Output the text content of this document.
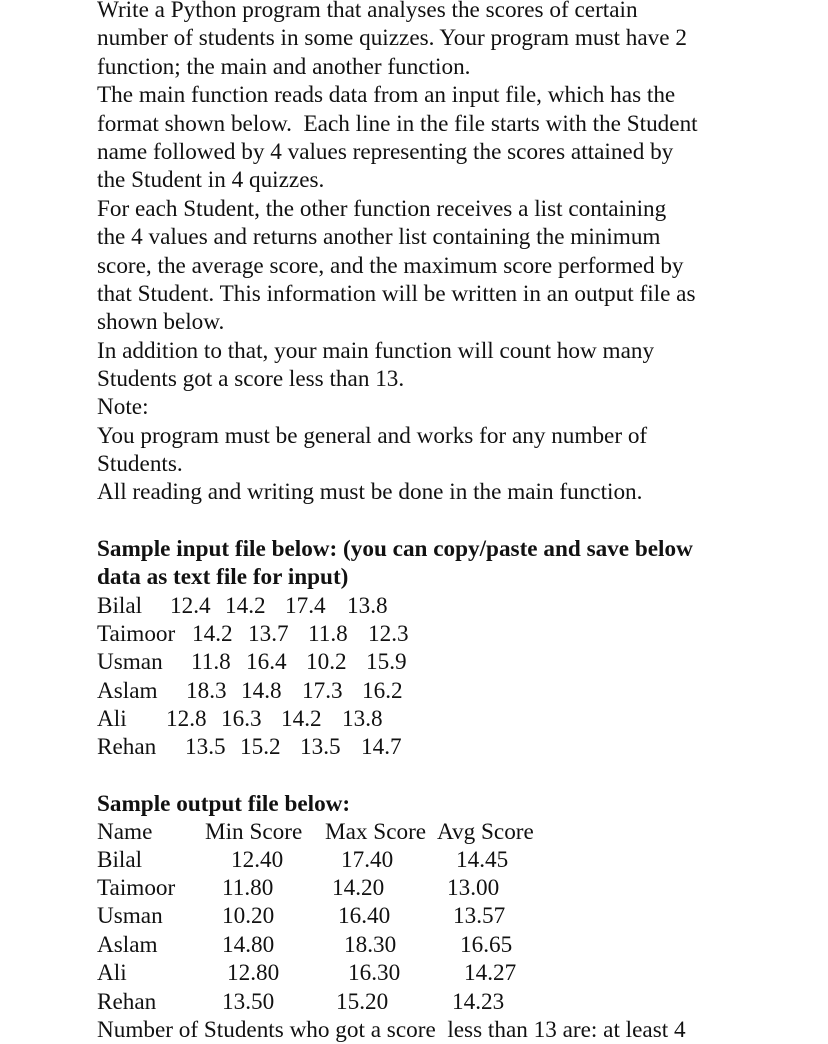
Write a Python program that analyses the scores of certain
number of students in some quizzes. Your program must have 2
function; the main and another function.
The main function reads data from an input file, which has the
format shown below.  Each line in the file starts with the Student
name followed by 4 values representing the scores attained by
the Student in 4 quizzes.
For each Student, the other function receives a list containing
the 4 values and returns another list containing the minimum
score, the average score, and the maximum score performed by
that Student. This information will be written in an output file as
shown below.
In addition to that, your main function will count how many
Students got a score less than 13.
Note:
You program must be general and works for any number of
Students.
All reading and writing must be done in the main function.
Sample input file below: (you can copy/paste and save below
data as text file for input)
Bilal 12.4 14.2 17.4 13.8
Taimoor 14.2 13.7 11.8 12.3
Usman 11.8 16.4 10.2 15.9
Aslam 18.3 14.8 17.3 16.2
Ali 12.8 16.3 14.2 13.8
Rehan 13.5 15.2 13.5 14.7
Sample output file below:
Name Min Score Max Score Avg Score
Bilal	12.40 17.40	14.45
Taimoor 11.80	14.20	13.00
Usman	10.20	16.40	13.57
Aslam	14.80	18.30	16.65
Ali	12.80	16.30	14.27
Rehan	13.50	15.20	14.23
Number of Students who got a score  less than 13 are: at least 4
